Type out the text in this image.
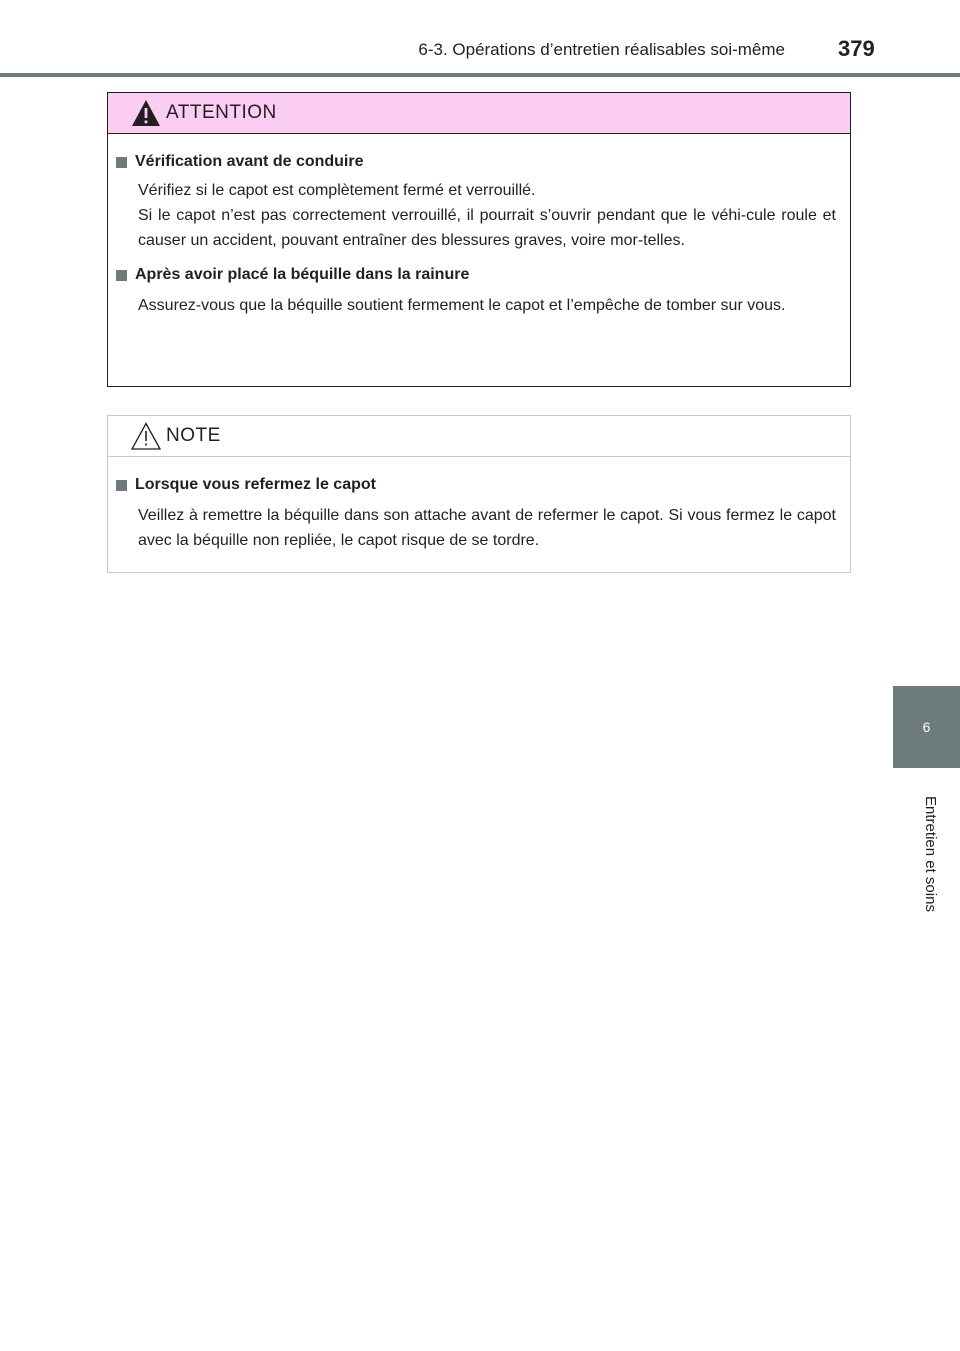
6-3. Opérations d’entretien réalisables soi-même 379
6
Entretien et soins
ATTENTION
Vérification avant de conduire
Vérifiez si le capot est complètement fermé et verrouillé.
Si le capot n’est pas correctement verrouillé, il pourrait s’ouvrir pendant que le véhi-cule roule et causer un accident, pouvant entraîner des blessures graves, voire mor-telles.
Après avoir placé la béquille dans la rainure
Assurez-vous que la béquille soutient fermement le capot et l’empêche de tomber sur vous.
NOTE
Lorsque vous refermez le capot
Veillez à remettre la béquille dans son attache avant de refermer le capot. Si vous fermez le capot avec la béquille non repliée, le capot risque de se tordre.
